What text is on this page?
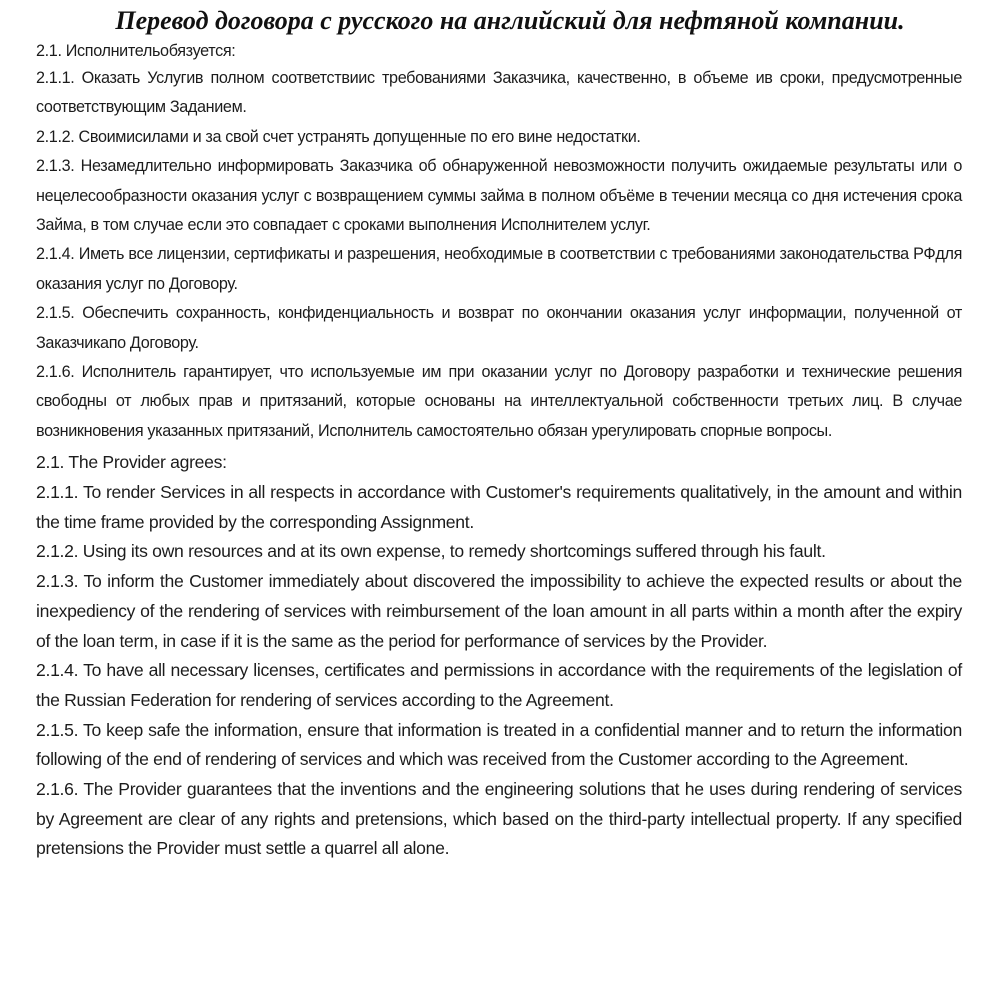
Перевод договора с русского на английский для нефтяной компании.

2.1. Исполнительобязуется:

2.1.1. Оказать Услугив полном соответствиис требованиями Заказчика, качественно, в объеме ив сроки, предусмотренные соответствующим Заданием.

2.1.2. Своимисилами и за свой счет устранять допущенные по его вине недостатки.

2.1.3. Незамедлительно информировать Заказчика об обнаруженной невозможности получить ожидаемые результаты или о нецелесообразности оказания услуг с возвращением суммы займа в полном объёме в течении месяца со дня истечения срока Займа, в том случае если это совпадает с сроками выполнения Исполнителем услуг.

2.1.4. Иметь все лицензии, сертификаты и разрешения, необходимые в соответствии с требованиями законодательства РФдля оказания услуг по Договору.

2.1.5. Обеспечить сохранность, конфиденциальность и возврат по окончании оказания услуг информации, полученной от Заказчикапо Договору.

2.1.6. Исполнитель гарантирует, что используемые им при оказании услуг по Договору разработки и технические решения свободны от любых прав и притязаний, которые основаны на интеллектуальной собственности третьих лиц. В случае возникновения указанных притязаний, Исполнитель самостоятельно обязан урегулировать спорные вопросы.

2.1. The Provider agrees:

2.1.1. To render Services in all respects in accordance with Customer's requirements qualitatively, in the amount and within the time frame provided by the corresponding Assignment.

2.1.2. Using its own resources and at its own expense, to remedy shortcomings suffered through his fault.

2.1.3. To inform the Customer immediately about discovered the impossibility to achieve the expected results or about the inexpediency of the rendering of services with reimbursement of the loan amount in all parts within a month after the expiry of the loan term, in case if it is the same as the period for performance of services by the Provider.

2.1.4. To have all necessary licenses, certificates and permissions in accordance with the requirements of the legislation of the Russian Federation for rendering of services according to the Agreement.

2.1.5. To keep safe the information, ensure that information is treated in a confidential manner and to return the information following of the end of rendering of services and which was received from the Customer according to the Agreement.

2.1.6. The Provider guarantees that the inventions and the engineering solutions that he uses during rendering of services by Agreement are clear of any rights and pretensions, which based on the third-party intellectual property. If any specified pretensions the Provider must settle a quarrel all alone.
